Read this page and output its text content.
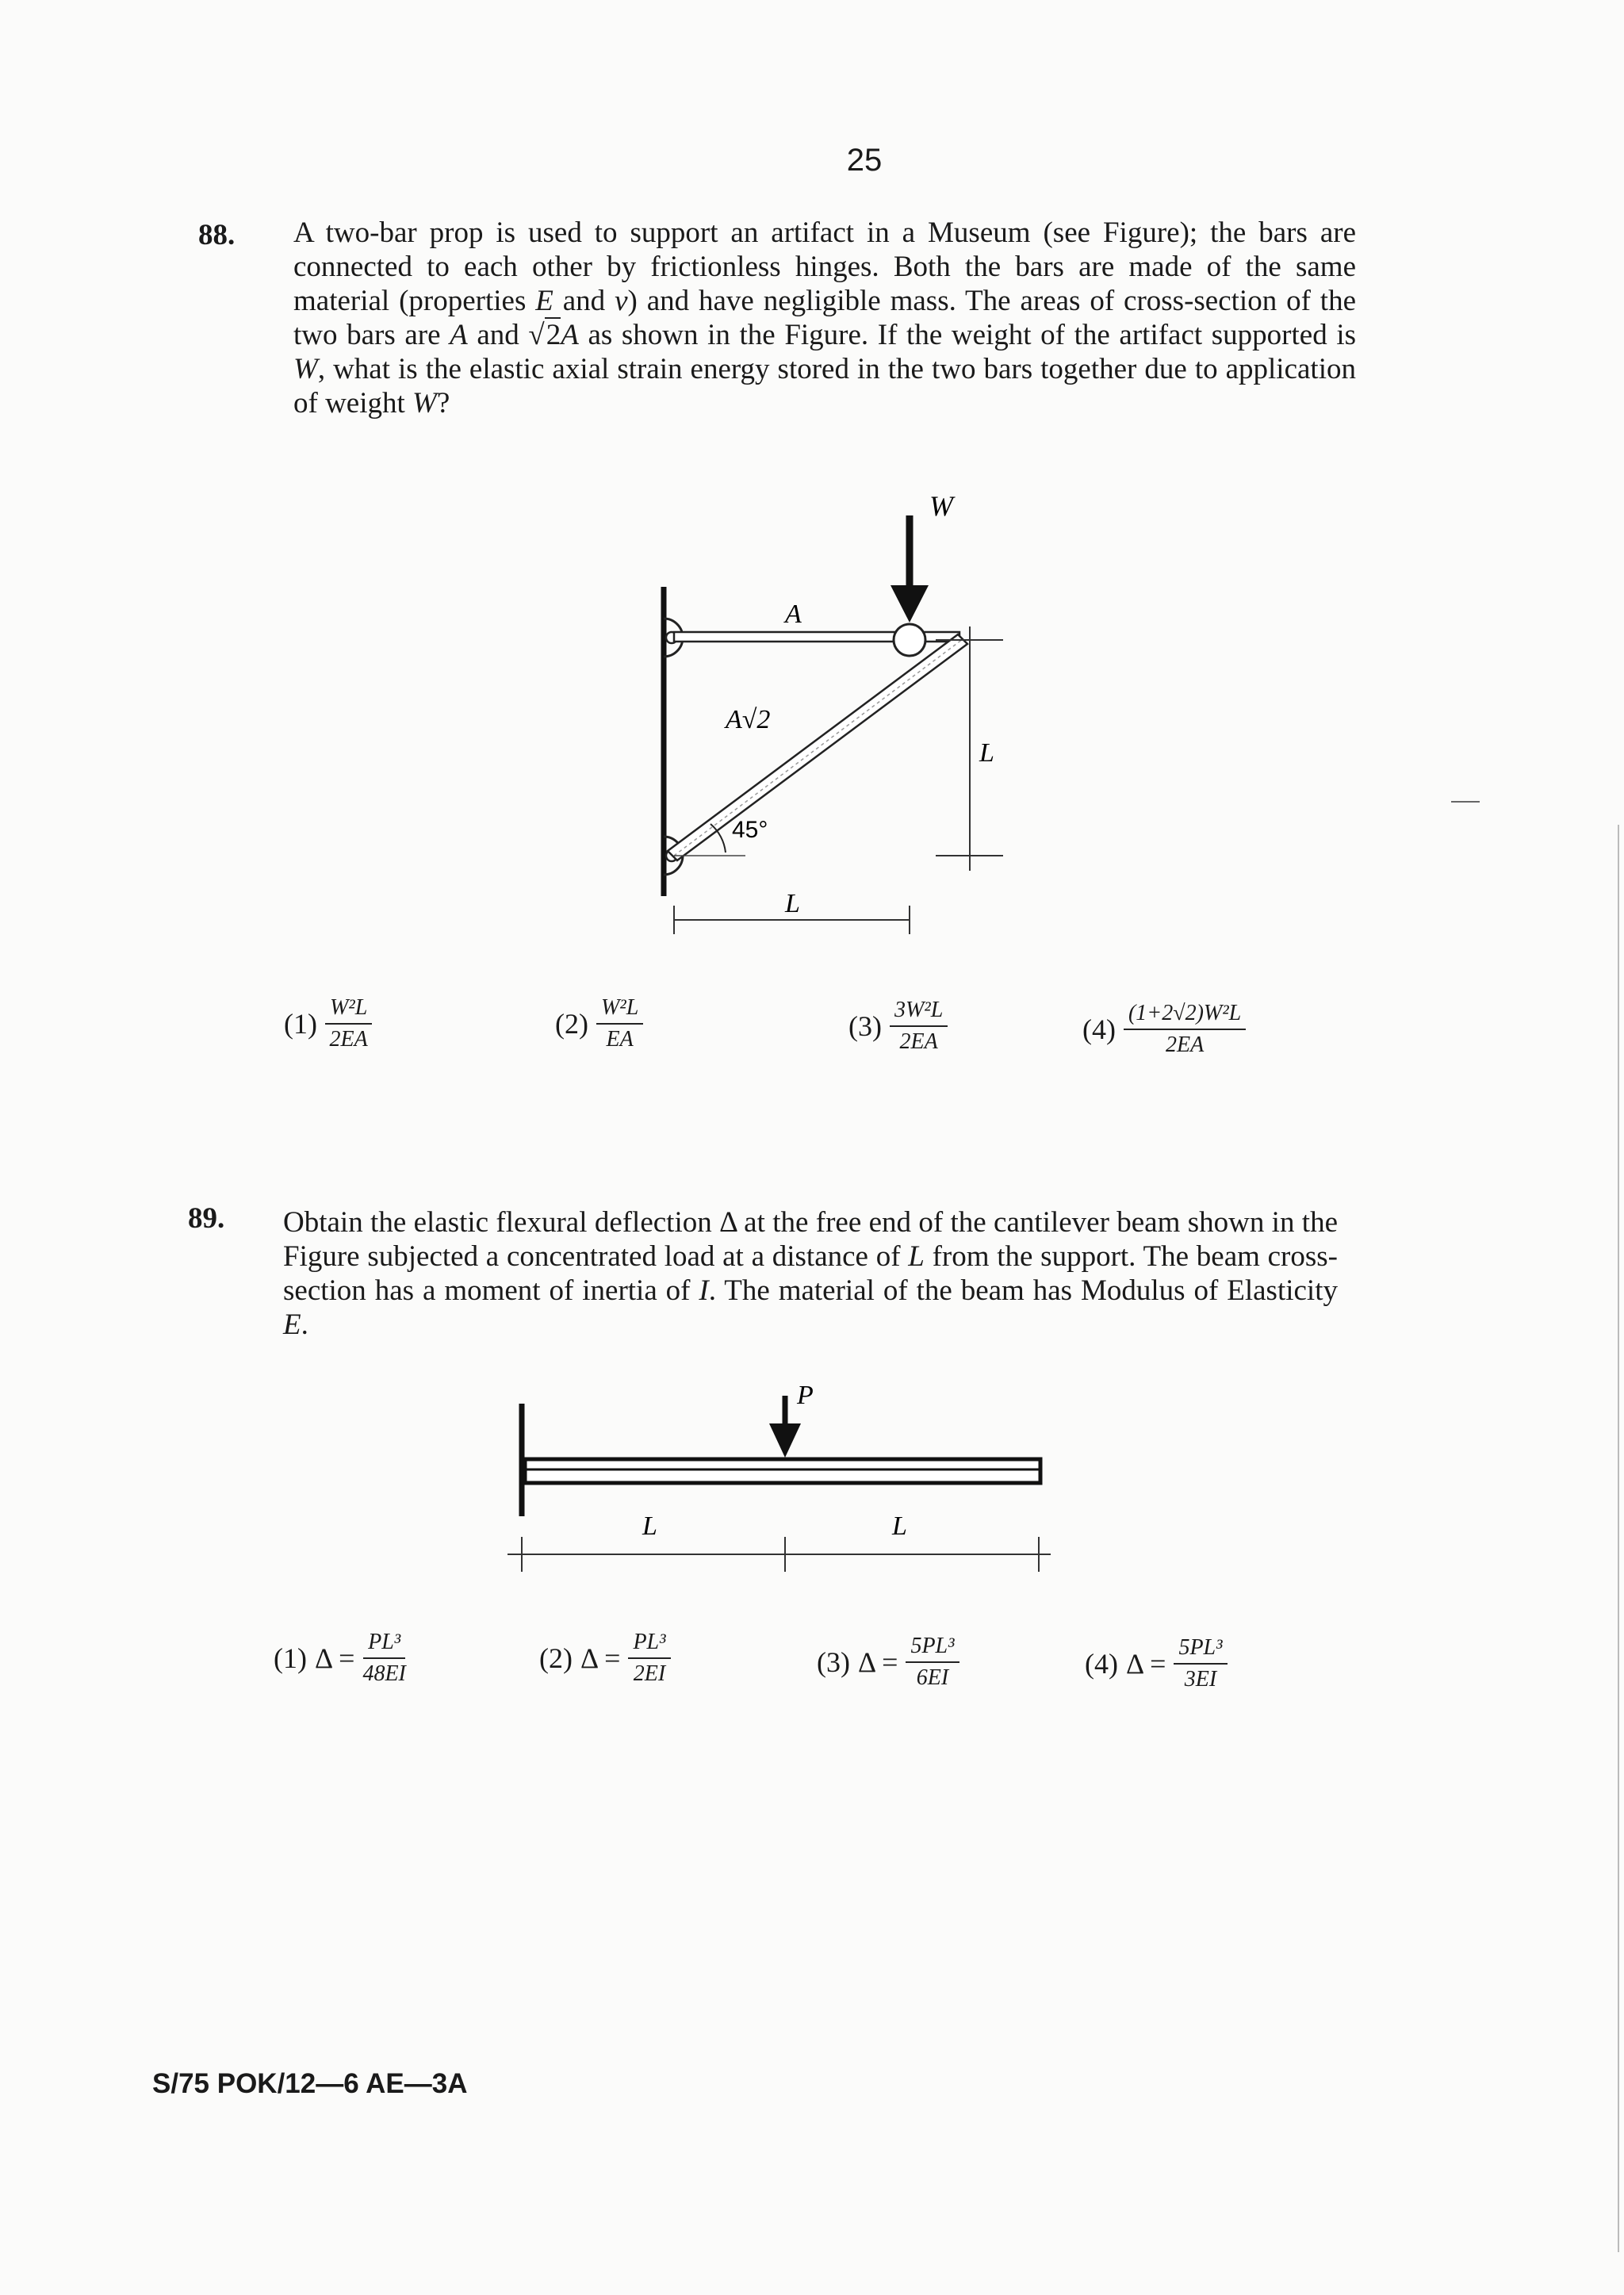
25
88. A two-bar prop is used to support an artifact in a Museum (see Figure); the bars are connected to each other by frictionless hinges. Both the bars are made of the same material (properties E and ν) and have negligible mass. The areas of cross-section of the two bars are A and √2A as shown in the Figure. If the weight of the artifact supported is W, what is the elastic axial strain energy stored in the two bars together due to application of weight W?
W
A
A√2
45°
L
L
$(1) \frac{\text{W²L}}{2EA}$	$(2) \frac{\text{W²L}}{EA}$	$(3) \frac{\text{3W²L}}{2EA}$	$(4) \frac{\text{(1+2√2)W²L}}{2EA}$
89. Obtain the elastic flexural deflection Δ at the free end of the cantilever beam shown in the Figure subjected a concentrated load at a distance of L from the support. The beam cross-section has a moment of inertia of I. The material of the beam has Modulus of Elasticity E.
P
L	L
(1) $\Delta = \frac{\text{PL³}}{48EI}$	(2) $\Delta = \frac{\text{PL³}}{2EI}$	(3) $\Delta = \frac{\text{5PL³}}{6EI}$	(4) $\Delta = \frac{\text{5PL³}}{3EI}$
S/75 POK/12—6 AE—3A
